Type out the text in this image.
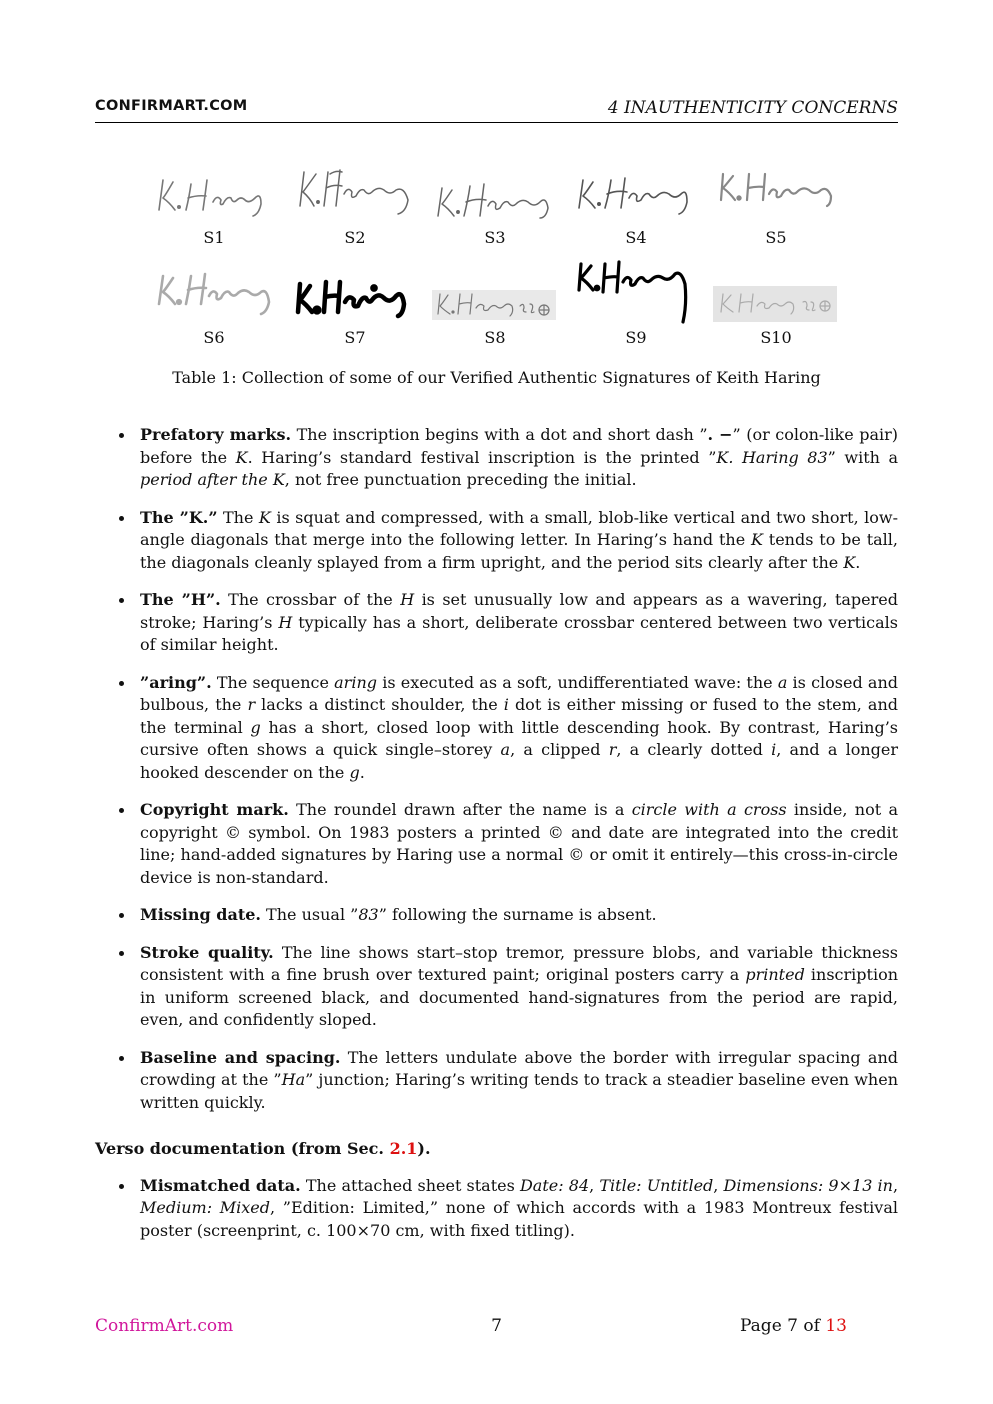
CONFIRMART.COM	4 INAUTHENTICITY CONCERNS
S1	S2	S3	S4	S5
S6	S7	S8	S9	S10
Table 1: Collection of some of our Verified Authentic Signatures of Keith Haring
Prefatory marks. The inscription begins with a dot and short dash ”. −” (or colon-like pair) before the K. Haring’s standard festival inscription is the printed ”K. Haring 83” with a period after the K, not free punctuation preceding the initial.
The ”K.” The K is squat and compressed, with a small, blob-like vertical and two short, low-angle diagonals that merge into the following letter. In Haring’s hand the K tends to be tall, the diagonals cleanly splayed from a firm upright, and the period sits clearly after the K.
The ”H”. The crossbar of the H is set unusually low and appears as a wavering, tapered stroke; Haring’s H typically has a short, deliberate crossbar centered between two verticals of similar height.
”aring”. The sequence aring is executed as a soft, undifferentiated wave: the a is closed and bulbous, the r lacks a distinct shoulder, the i dot is either missing or fused to the stem, and the terminal g has a short, closed loop with little descending hook. By contrast, Haring’s cursive often shows a quick single–storey a, a clipped r, a clearly dotted i, and a longer hooked descender on the g.
Copyright mark. The roundel drawn after the name is a circle with a cross inside, not a copyright © symbol. On 1983 posters a printed © and date are integrated into the credit line; hand-added signatures by Haring use a normal © or omit it entirely—this cross-in-circle device is non-standard.
Missing date. The usual ”83” following the surname is absent.
Stroke quality. The line shows start–stop tremor, pressure blobs, and variable thickness consistent with a fine brush over textured paint; original posters carry a printed inscription in uniform screened black, and documented hand-signatures from the period are rapid, even, and confidently sloped.
Baseline and spacing. The letters undulate above the border with irregular spacing and crowding at the ”Ha” junction; Haring’s writing tends to track a steadier baseline even when written quickly.
Verso documentation (from Sec. 2.1).
Mismatched data. The attached sheet states Date: 84, Title: Untitled, Dimensions: 9×13 in, Medium: Mixed, ”Edition: Limited,” none of which accords with a 1983 Montreux festival poster (screenprint, c. 100×70 cm, with fixed titling).
ConfirmArt.com	7	Page 7 of 13
